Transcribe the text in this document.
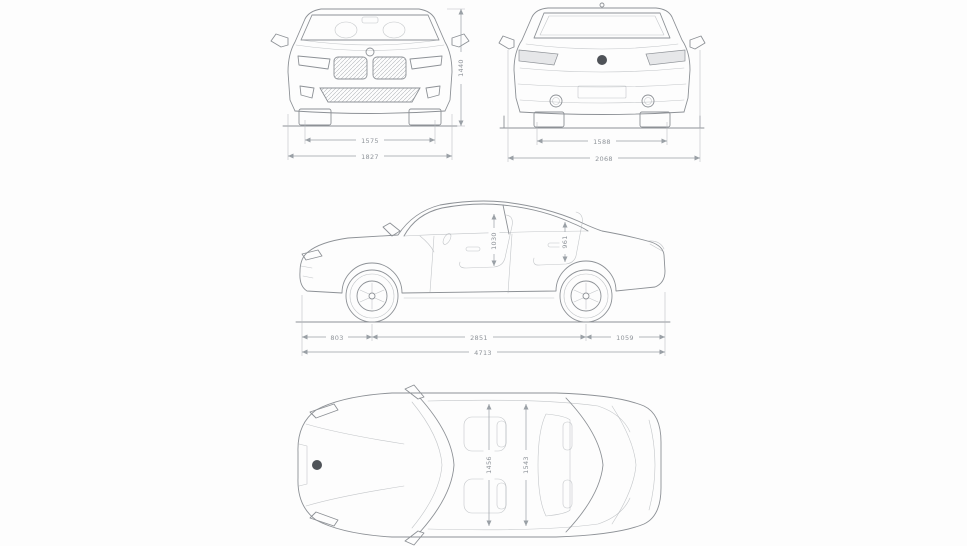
1575
1827
1440
1588
2068
1030	961
803	2851	1059
4713
1456	1543
